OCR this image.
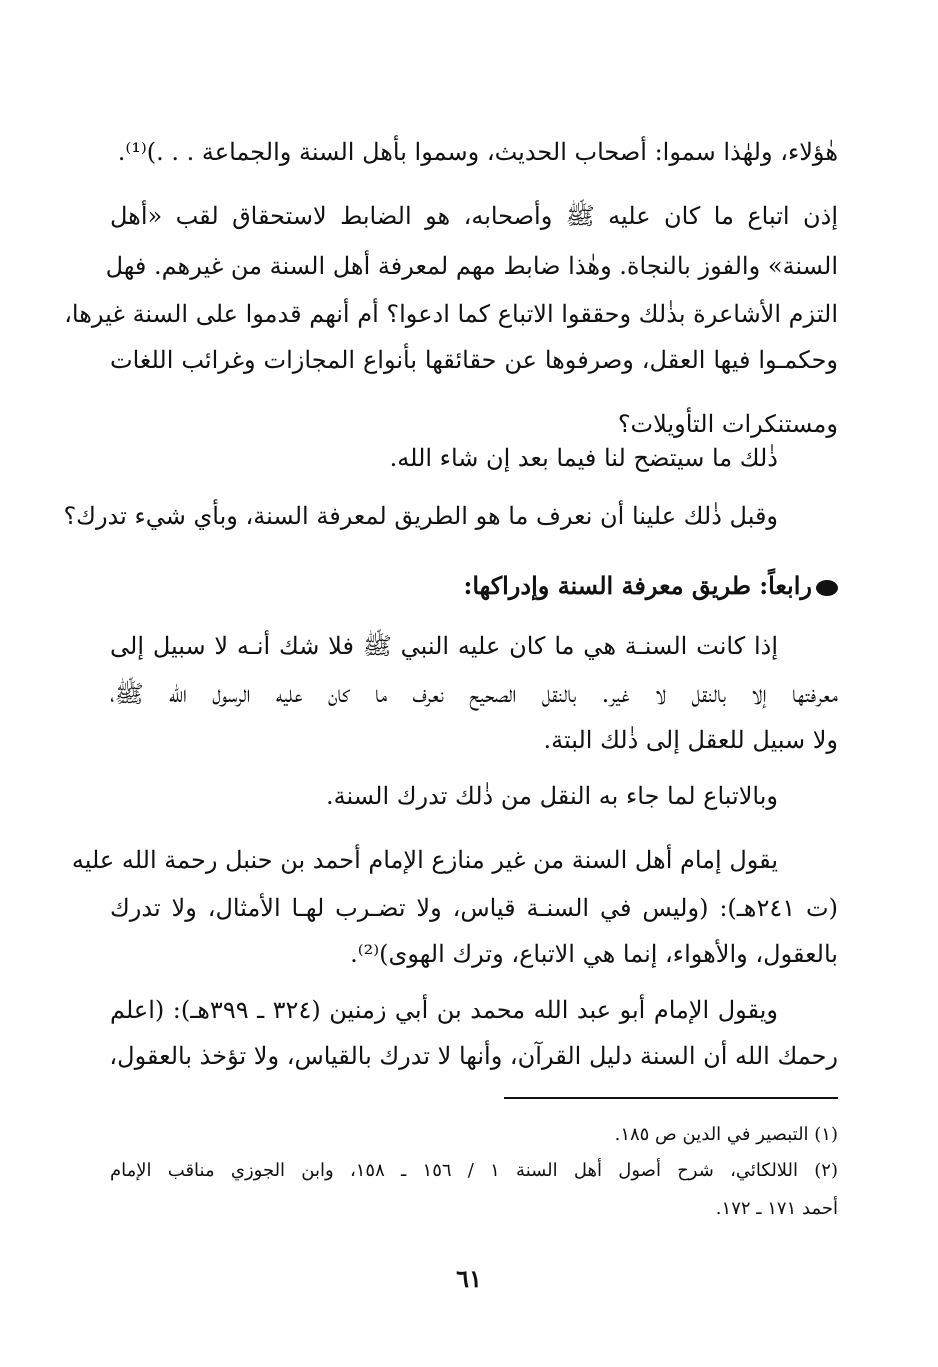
هٰؤلاء، ولهٰذا سموا: أصحاب الحديث، وسموا بأهل السنة والجماعة . . .)⁽¹⁾.
إذن اتباع ما كان عليه ﷺ وأصحابه، هو الضابط لاستحقاق لقب «أهل
السنة» والفوز بالنجاة. وهٰذا ضابط مهم لمعرفة أهل السنة من غيرهم. فهل
التزم الأشاعرة بذٰلك وحققوا الاتباع كما ادعوا؟ أم أنهم قدموا على السنة غيرها،
وحكمـوا فيها العقل، وصرفوها عن حقائقها بأنواع المجازات وغرائب اللغات
ومستنكرات التأويلات؟
ذٰلك ما سيتضح لنا فيما بعد إن شاء الله.
وقبل ذٰلك علينا أن نعرف ما هو الطريق لمعرفة السنة، وبأي شيء تدرك؟
رابعاً: طريق معرفة السنة وإدراكها:
إذا كانت السنـة هي ما كان عليه النبي ﷺ فلا شك أنـه لا سبيل إلى
معرفتها إلا بالنقل لا غير. بالنقل الصحيح نعرف ما كان عليه الرسول الله ﷺ،
ولا سبيل للعقل إلى ذٰلك البتة.
وبالاتباع لما جاء به النقل من ذٰلك تدرك السنة.
يقول إمام أهل السنة من غير منازع الإمام أحمد بن حنبل رحمة الله عليه
(ت ٢٤١هـ): (وليس في السنـة قياس، ولا تضـرب لهـا الأمثال، ولا تدرك
بالعقول، والأهواء، إنما هي الاتباع، وترك الهوى)⁽²⁾.
ويقول الإمام أبو عبد الله محمد بن أبي زمنين (٣٢٤ ـ ٣٩٩هـ): (اعلم
رحمك الله أن السنة دليل القرآن، وأنها لا تدرك بالقياس، ولا تؤخذ بالعقول،
(١) التبصير في الدين ص ١٨٥.
(٢) اللالكائي، شرح أصول أهل السنة ١ / ١٥٦ ـ ١٥٨، وابن الجوزي مناقب الإمام
أحمد ١٧١ ـ ١٧٢.
٦١
